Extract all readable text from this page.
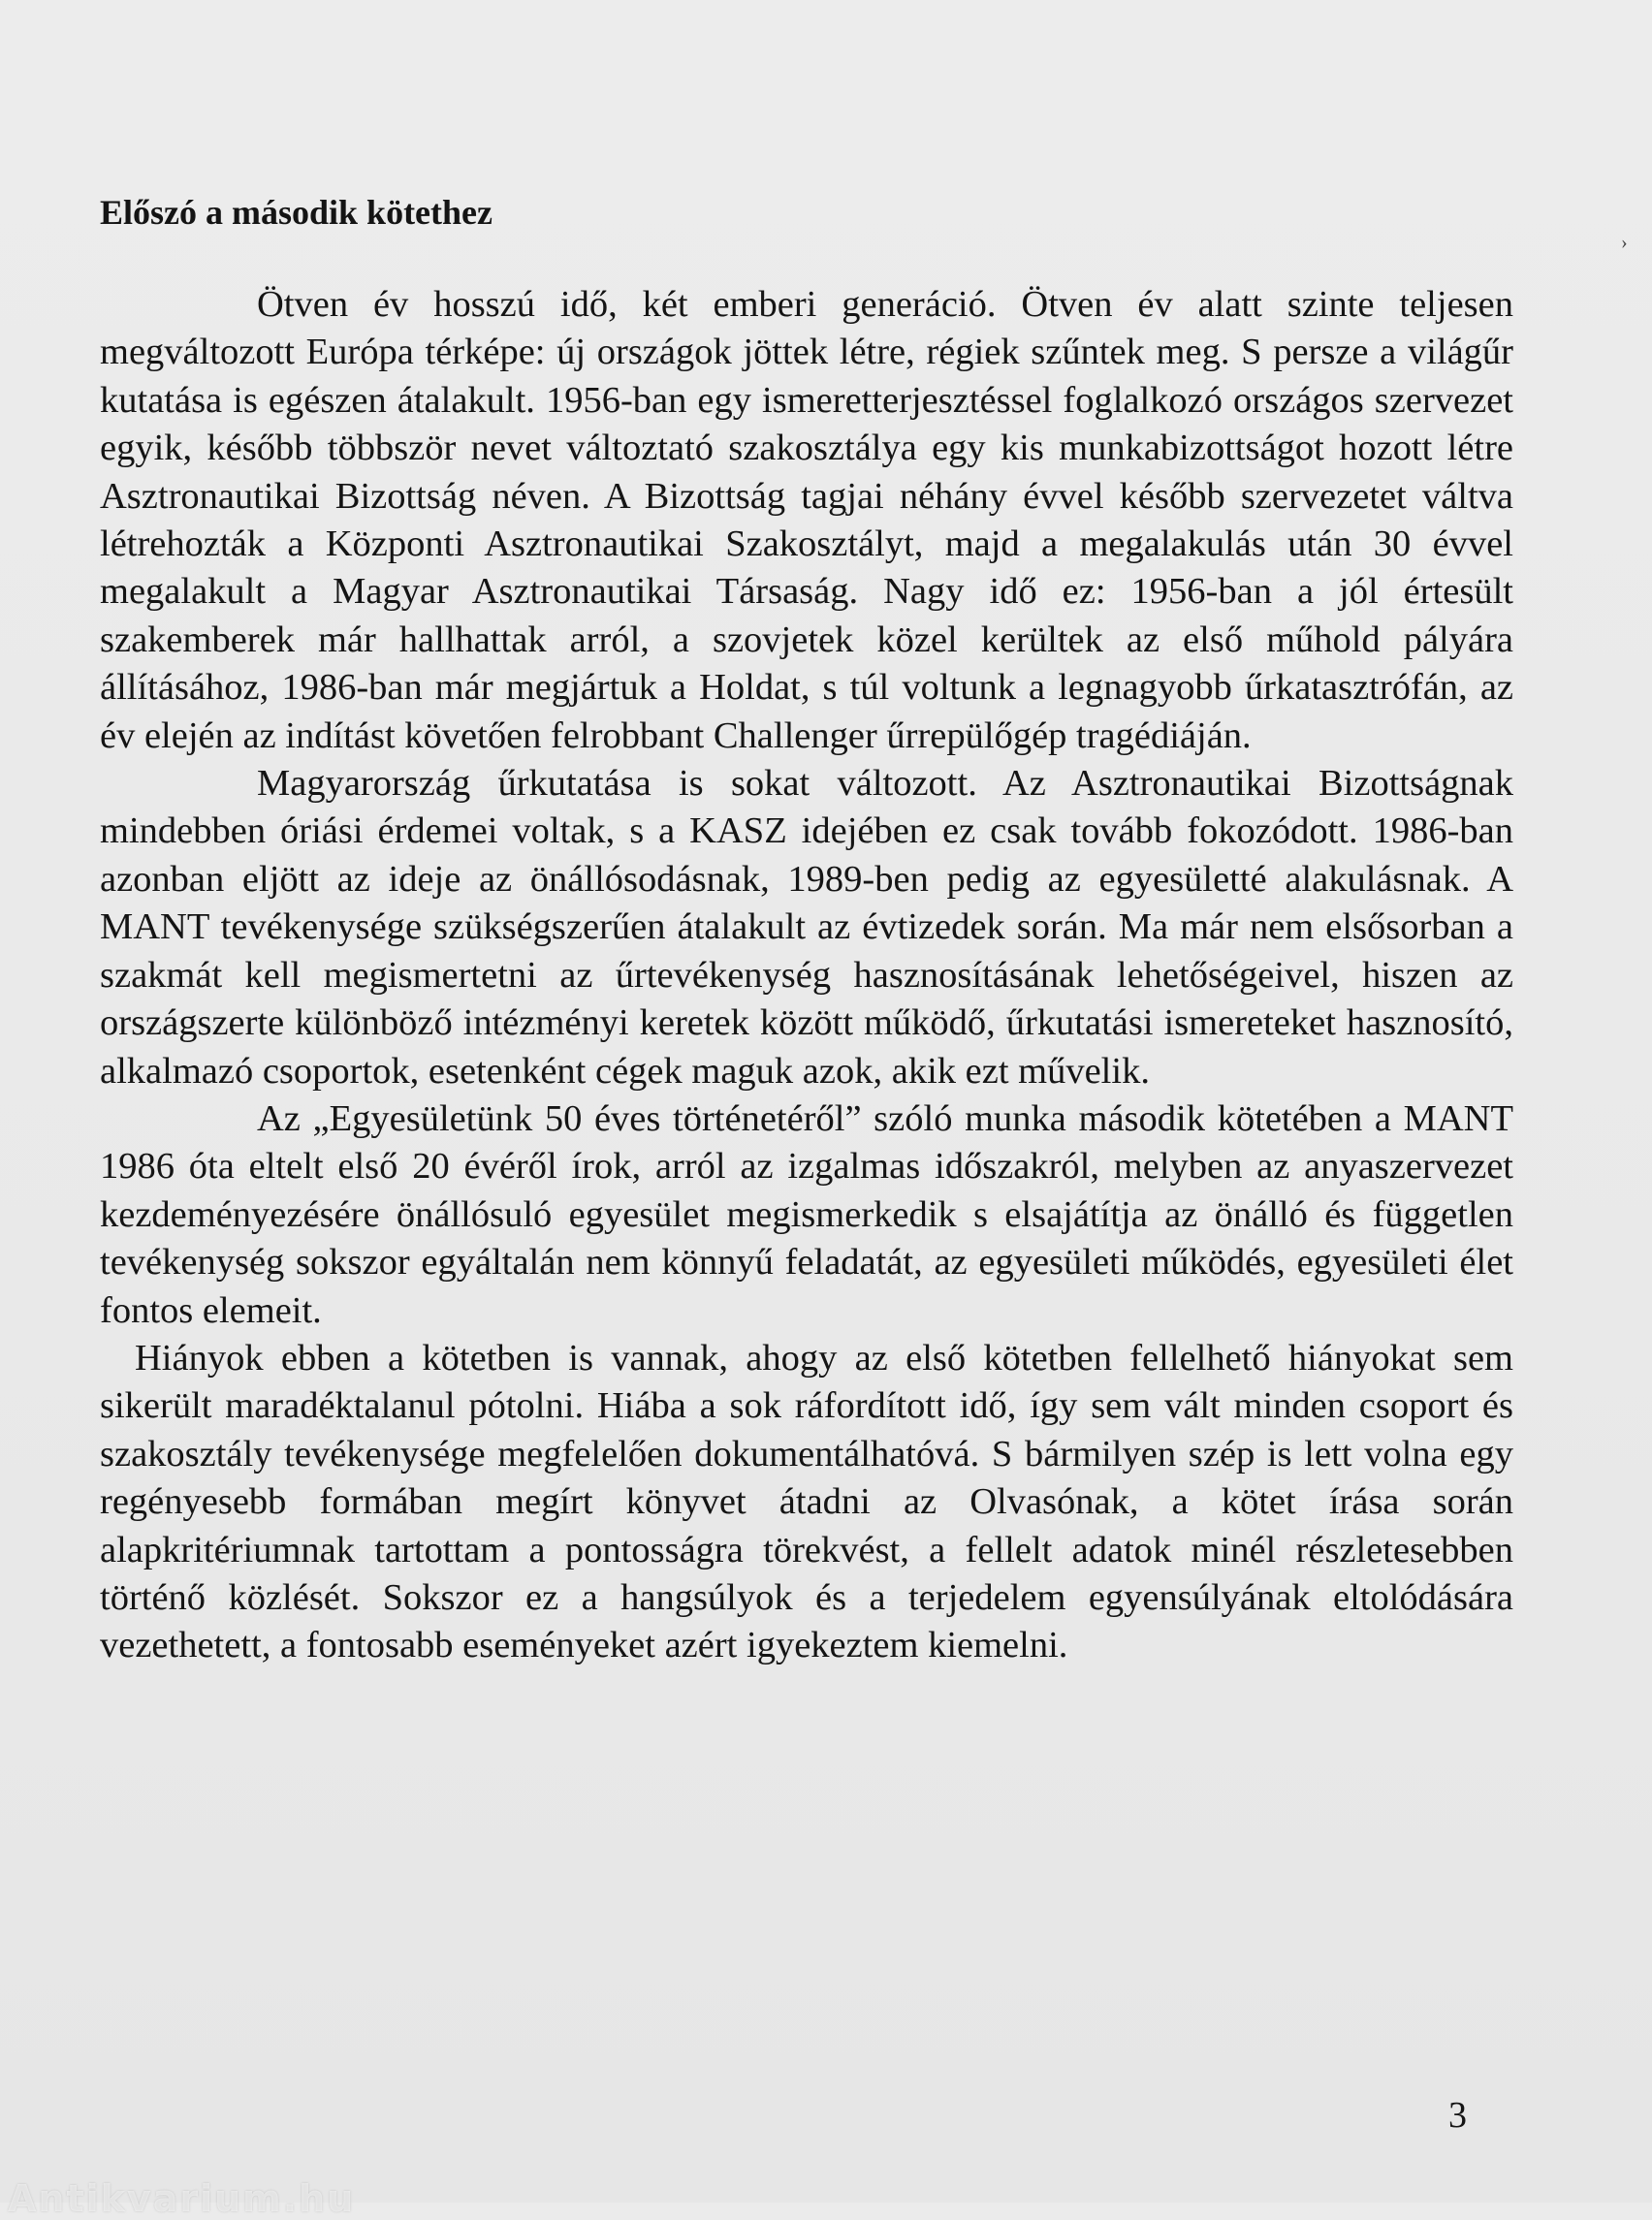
Előszó a második kötethez

Ötven év hosszú idő, két emberi generáció. Ötven év alatt szinte teljesen megváltozott Európa térképe: új országok jöttek létre, régiek szűntek meg. S persze a világűr kutatása is egészen átalakult. 1956-ban egy ismeretterjesztéssel foglalkozó országos szervezet egyik, később többször nevet változtató szakosztálya egy kis munkabizottságot hozott létre Asztronautikai Bizottság néven. A Bizottság tagjai néhány évvel később szervezetet váltva létrehozták a Központi Asztronautikai Szakosztályt, majd a megalakulás után 30 évvel megalakult a Magyar Asztronautikai Társaság. Nagy idő ez: 1956-ban a jól értesült szakemberek már hallhattak arról, a szovjetek közel kerültek az első műhold pályára állításához, 1986-ban már megjártuk a Holdat, s túl voltunk a legnagyobb űrkatasztrófán, az év elején az indítást követően felrobbant Challenger űrrepülőgép tragédiáján.

Magyarország űrkutatása is sokat változott. Az Asztronautikai Bizottságnak mindebben óriási érdemei voltak, s a KASZ idejében ez csak tovább fokozódott. 1986-ban azonban eljött az ideje az önállósodásnak, 1989-ben pedig az egyesületté alakulásnak. A MANT tevékenysége szükségszerűen átalakult az évtizedek során. Ma már nem elsősorban a szakmát kell megismertetni az űrtevékenység hasznosításának lehetőségeivel, hiszen az országszerte különböző intézményi keretek között működő, űrkutatási ismereteket hasznosító, alkalmazó csoportok, esetenként cégek maguk azok, akik ezt művelik.

Az „Egyesületünk 50 éves történetéről” szóló munka második kötetében a MANT 1986 óta eltelt első 20 évéről írok, arról az izgalmas időszakról, melyben az anyaszervezet kezdeményezésére önállósuló egyesület megismerkedik s elsajátítja az önálló és független tevékenység sokszor egyáltalán nem könnyű feladatát, az egyesületi működés, egyesületi élet fontos elemeit.

Hiányok ebben a kötetben is vannak, ahogy az első kötetben fellelhető hiányokat sem sikerült maradéktalanul pótolni. Hiába a sok ráfordított idő, így sem vált minden csoport és szakosztály tevékenysége megfelelően dokumentálhatóvá. S bármilyen szép is lett volna egy regényesebb formában megírt könyvet átadni az Olvasónak, a kötet írása során alapkritériumnak tartottam a pontosságra törekvést, a fellelt adatok minél részletesebben történő közlését. Sokszor ez a hangsúlyok és a terjedelem egyensúlyának eltolódására vezethetett, a fontosabb eseményeket azért igyekeztem kiemelni.

›
3
Antikvarium.hu
